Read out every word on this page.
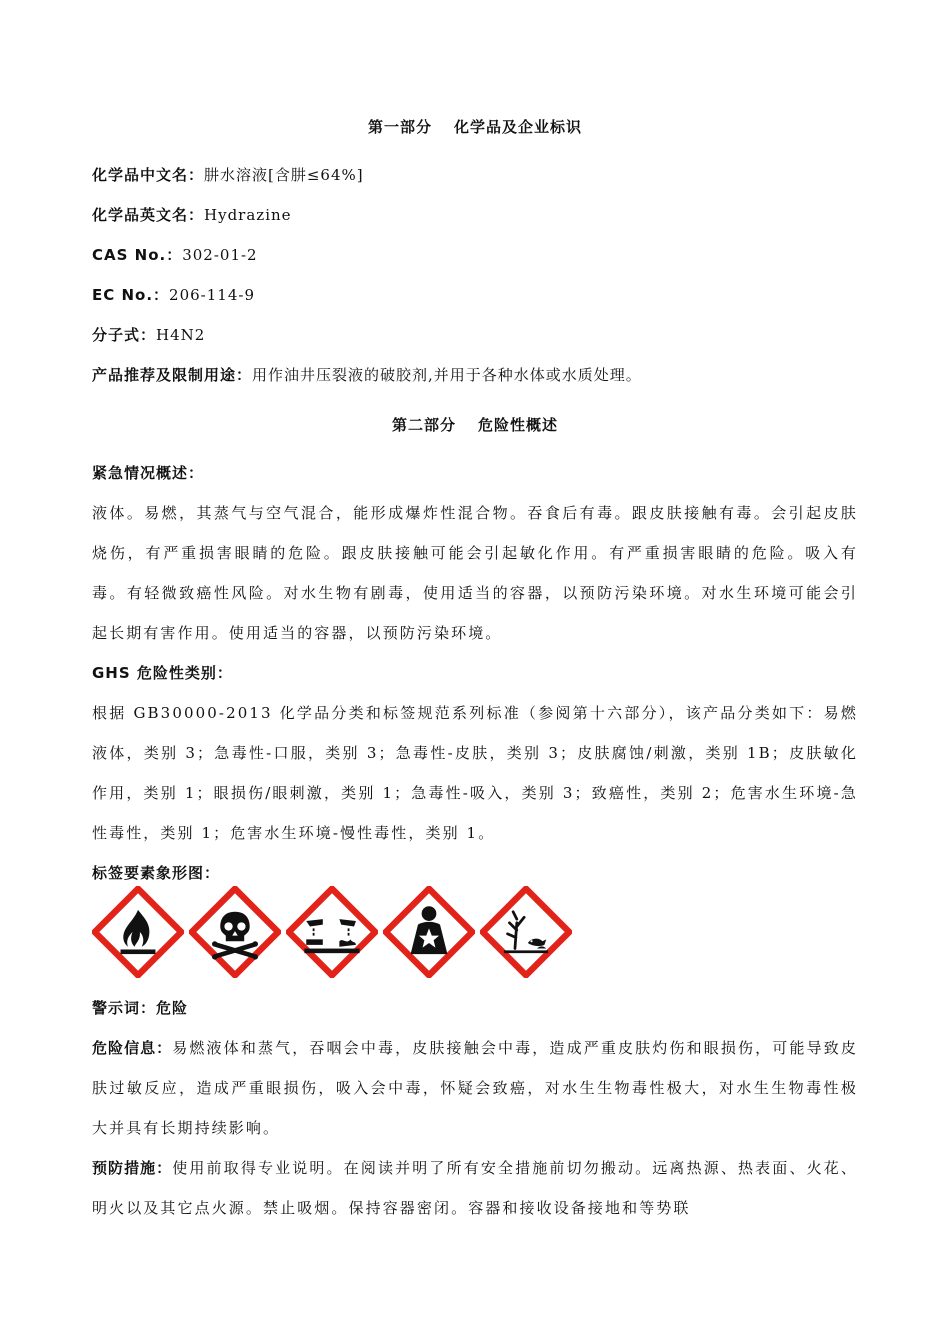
第一部分 化学品及企业标识
化学品中文名：肼水溶液[含肼≤64%]
化学品英文名：Hydrazine
CAS No.：302-01-2
EC No.：206-114-9
分子式：H4N2
产品推荐及限制用途：用作油井压裂液的破胶剂,并用于各种水体或水质处理。
第二部分 危险性概述
紧急情况概述：

液体。易燃，其蒸气与空气混合，能形成爆炸性混合物。吞食后有毒。跟皮肤接触有毒。会引起皮肤烧伤，有严重损害眼睛的危险。跟皮肤接触可能会引起敏化作用。有严重损害眼睛的危险。吸入有毒。有轻微致癌性风险。对水生物有剧毒，使用适当的容器，以预防污染环境。对水生环境可能会引起长期有害作用。使用适当的容器，以预防污染环境。

GHS 危险性类别：

根据 GB30000-2013 化学品分类和标签规范系列标准（参阅第十六部分），该产品分类如下：易燃液体，类别 3；急毒性-口服，类别 3；急毒性-皮肤，类别 3；皮肤腐蚀/刺激，类别 1B；皮肤敏化作用，类别 1；眼损伤/眼刺激，类别 1；急毒性-吸入，类别 3；致癌性，类别 2；危害水生环境-急性毒性，类别 1；危害水生环境-慢性毒性，类别 1。

标签要素象形图：
警示词：危险

危险信息：易燃液体和蒸气，吞咽会中毒，皮肤接触会中毒，造成严重皮肤灼伤和眼损伤，可能导致皮肤过敏反应，造成严重眼损伤，吸入会中毒，怀疑会致癌，对水生生物毒性极大，对水生生物毒性极大并具有长期持续影响。

预防措施：使用前取得专业说明。在阅读并明了所有安全措施前切勿搬动。远离热源、热表面、火花、明火以及其它点火源。禁止吸烟。保持容器密闭。容器和接收设备接地和等势联
